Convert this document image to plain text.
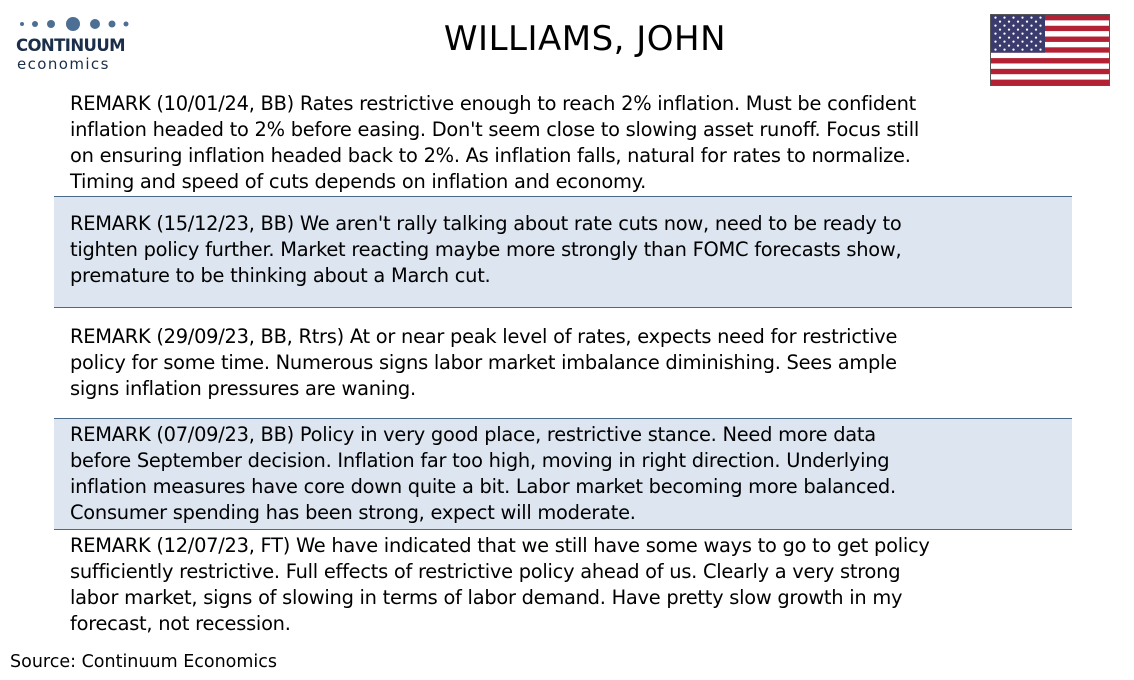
CONTINUUM
economics
WILLIAMS, JOHN
REMARK (10/01/24, BB) Rates restrictive enough to reach 2% inflation. Must be confident
inflation headed to 2% before easing. Don't seem close to slowing asset runoff. Focus still
on ensuring inflation headed back to 2%. As inflation falls, natural for rates to normalize.
Timing and speed of cuts depends on inflation and economy.
REMARK (15/12/23, BB) We aren't rally talking about rate cuts now, need to be ready to
tighten policy further. Market reacting maybe more strongly than FOMC forecasts show,
premature to be thinking about a March cut.
REMARK (29/09/23, BB, Rtrs) At or near peak level of rates, expects need for restrictive
policy for some time. Numerous signs labor market imbalance diminishing. Sees ample
signs inflation pressures are waning.
REMARK (07/09/23, BB) Policy in very good place, restrictive stance. Need more data
before September decision. Inflation far too high, moving in right direction. Underlying
inflation measures have core down quite a bit. Labor market becoming more balanced.
Consumer spending has been strong, expect will moderate.
REMARK (12/07/23, FT) We have indicated that we still have some ways to go to get policy
sufficiently restrictive. Full effects of restrictive policy ahead of us. Clearly a very strong
labor market, signs of slowing in terms of labor demand. Have pretty slow growth in my
forecast, not recession.
Source: Continuum Economics
